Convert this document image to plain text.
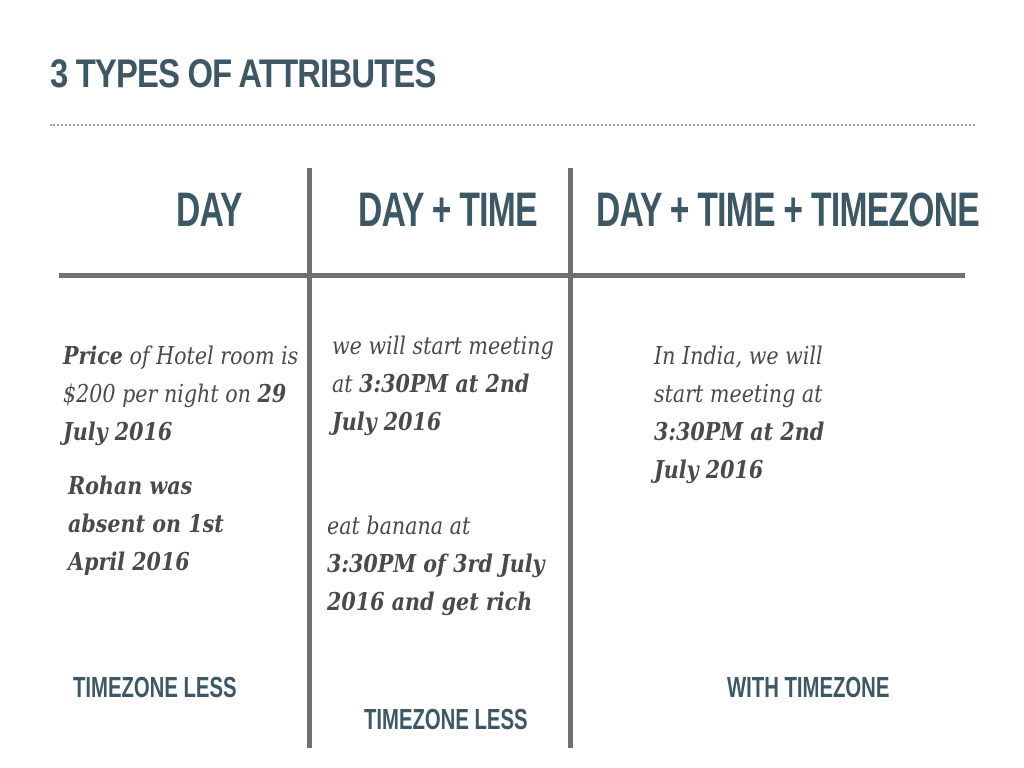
3 TYPES OF ATTRIBUTES
DAY DAY + TIME DAY + TIME + TIMEZONE
Price of Hotel room is $200 per night on 29 July 2016
Rohan was absent on 1st April 2016
we will start meeting at 3:30PM at 2nd July 2016
eat banana at 3:30PM of 3rd July 2016 and get rich
In India, we will start meeting at 3:30PM at 2nd July 2016
TIMEZONE LESS
TIMEZONE LESS
WITH TIMEZONE
